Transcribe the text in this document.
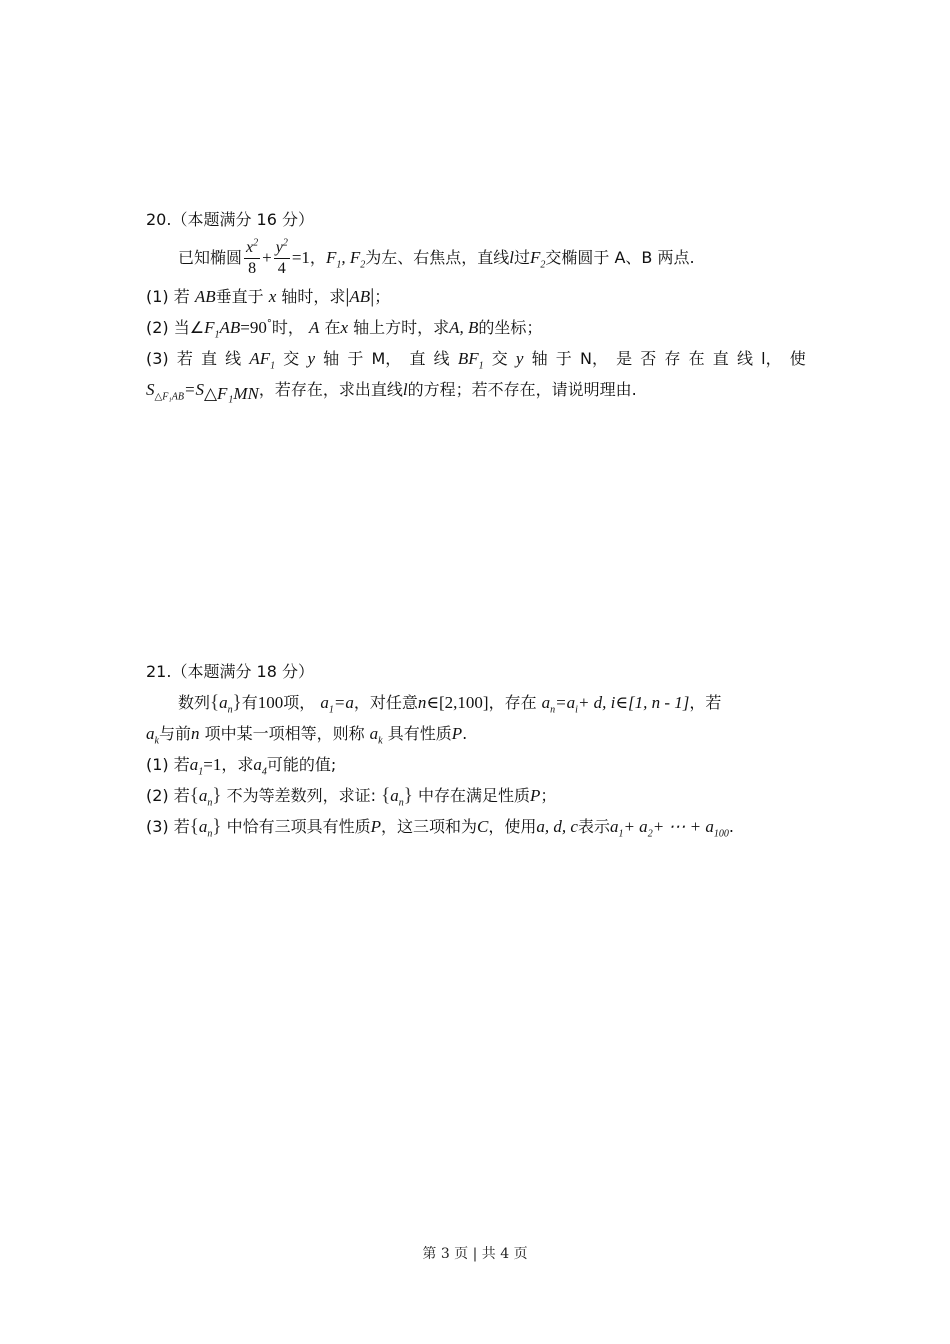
20.（本题满分 16 分）
已知椭圆 $\frac{x^2}{8} + \frac{y^2}{4} =1$，$F_1$, $F_2$为左、右焦点，直线l过$F_2$交椭圆于 A、B 两点.
(1) 若 AB垂直于 x 轴时，求|AB|；
(2) 当$\angle F_1AB=90^\circ$时， A 在x 轴上方时，求A, B的坐标；
(3) 若 直 线 $AF_1$ 交 y 轴 于 M， 直 线 $BF_1$ 交 y 轴 于 N， 是 否 存 在 直 线 l， 使
$S_{\triangle F_1AB}=S_{\triangle F_1MN}$，若存在，求出直线l的方程；若不存在，请说明理由.
21.（本题满分 18 分）
数列$\{a_n\}$有100项， $a_1=a$，对任意n∈[2,100]，存在 $a_n=a_i+ d$, i∈[1, n - 1]，若
$a_k$与前n 项中某一项相等，则称 $a_k$ 具有性质P.
(1) 若$a_1=1$，求$a_4$可能的值;
(2) 若$\{a_n\}$ 不为等差数列，求证: $\{a_n\}$ 中存在满足性质P；
(3) 若$\{a_n\}$ 中恰有三项具有性质P，这三项和为C，使用a, d, c表示$a_1+ a_2+$ ⋯ + $a_{100}$.
第 3 页 | 共 4 页
